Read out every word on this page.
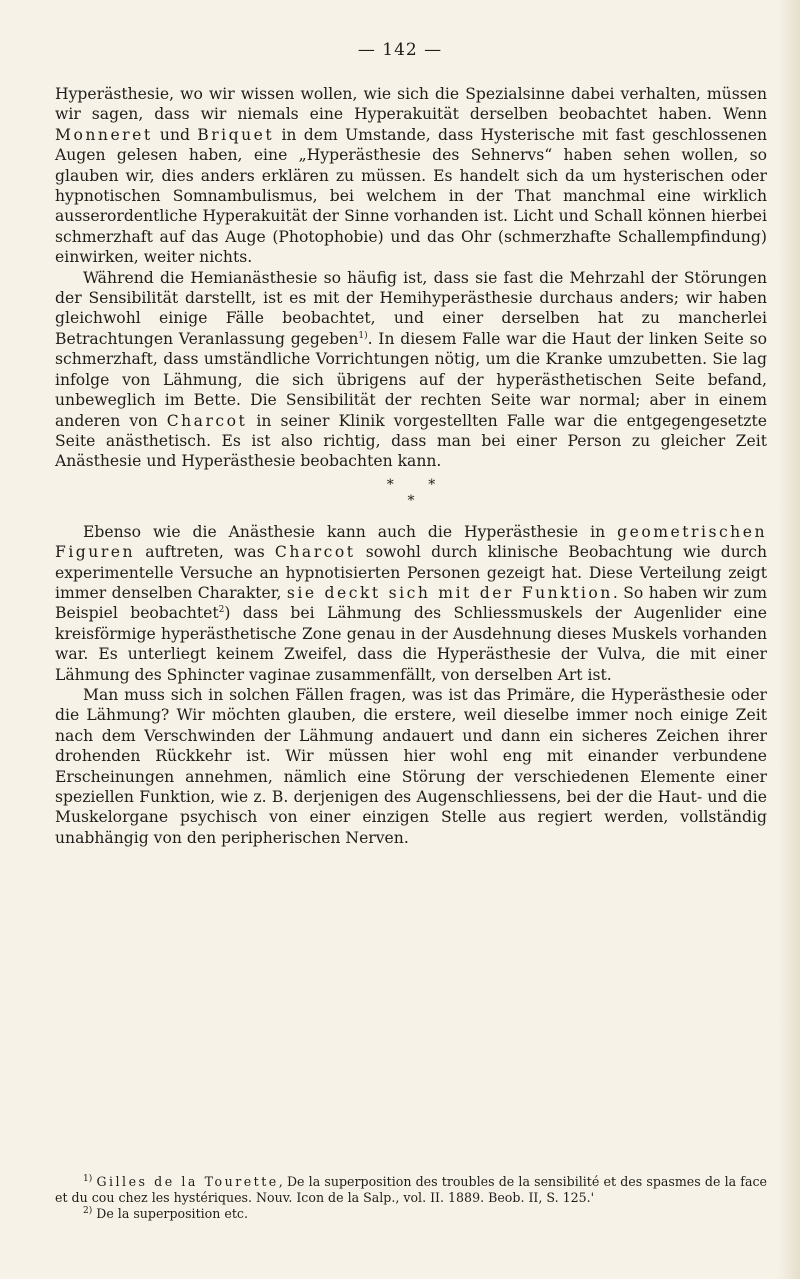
— 142 —

Hyperästhesie, wo wir wissen wollen, wie sich die Spezialsinne dabei verhalten, müssen wir sagen, dass wir niemals eine Hyperakuität derselben beobachtet haben. Wenn Monneret und Briquet in dem Umstande, dass Hysterische mit fast geschlossenen Augen gelesen haben, eine „Hyperästhesie des Sehnervs“ haben sehen wollen, so glauben wir, dies anders erklären zu müssen. Es handelt sich da um hysterischen oder hypnotischen Somnambulismus, bei welchem in der That manchmal eine wirklich ausserordentliche Hyperakuität der Sinne vorhanden ist. Licht und Schall können hierbei schmerzhaft auf das Auge (Photophobie) und das Ohr (schmerzhafte Schallempfindung) einwirken, weiter nichts.

Während die Hemianästhesie so häufig ist, dass sie fast die Mehrzahl der Störungen der Sensibilität darstellt, ist es mit der Hemihyperästhesie durchaus anders; wir haben gleichwohl einige Fälle beobachtet, und einer derselben hat zu mancherlei Betrachtungen Veranlassung gegeben$^{1)}$. In diesem Falle war die Haut der linken Seite so schmerzhaft, dass umständliche Vorrichtungen nötig, um die Kranke umzubetten. Sie lag infolge von Lähmung, die sich übrigens auf der hyperästhetischen Seite befand, unbeweglich im Bette. Die Sensibilität der rechten Seite war normal; aber in einem anderen von Charcot in seiner Klinik vorgestellten Falle war die entgegengesetzte Seite anästhetisch. Es ist also richtig, dass man bei einer Person zu gleicher Zeit Anästhesie und Hyperästhesie beobachten kann.

* *
*

Ebenso wie die Anästhesie kann auch die Hyperästhesie in geometrischen Figuren auftreten, was Charcot sowohl durch klinische Beobachtung wie durch experimentelle Versuche an hypnotisierten Personen gezeigt hat. Diese Verteilung zeigt immer denselben Charakter, sie deckt sich mit der Funktion. So haben wir zum Beispiel beobachtet$^2$) dass bei Lähmung des Schliessmuskels der Augenlider eine kreisförmige hyperästhetische Zone genau in der Ausdehnung dieses Muskels vorhanden war. Es unterliegt keinem Zweifel, dass die Hyperästhesie der Vulva, die mit einer Lähmung des Sphincter vaginae zusammenfällt, von derselben Art ist.

Man muss sich in solchen Fällen fragen, was ist das Primäre, die Hyperästhesie oder die Lähmung? Wir möchten glauben, die erstere, weil dieselbe immer noch einige Zeit nach dem Verschwinden der Lähmung andauert und dann ein sicheres Zeichen ihrer drohenden Rückkehr ist. Wir müssen hier wohl eng mit einander verbundene Erscheinungen annehmen, nämlich eine Störung der verschiedenen Elemente einer speziellen Funktion, wie z. B. derjenigen des Augenschliessens, bei der die Haut- und die Muskelorgane psychisch von einer einzigen Stelle aus regiert werden, vollständig unabhängig von den peripherischen Nerven.

$^{1)}$ Gilles de la Tourette, De la superposition des troubles de la sensibilité et des spasmes de la face et du cou chez les hystériques. Nouv. Icon de la Salp., vol. II. 1889. Beob. II, S. 125.'

$^{2)}$ De la superposition etc.
